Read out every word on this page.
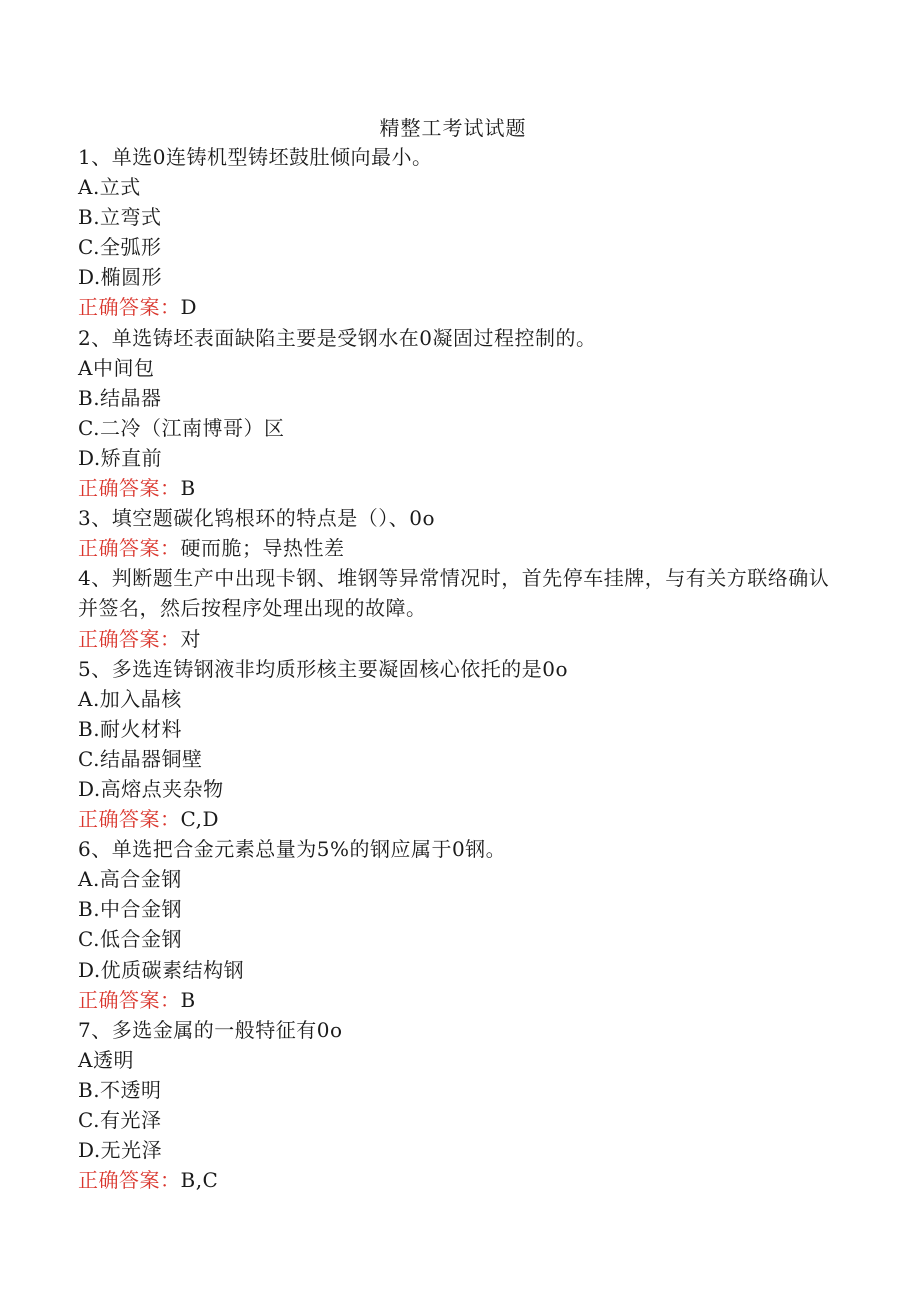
精整工考试试题
1、单选0连铸机型铸坯鼓肚倾向最小。
A.立式
B.立弯式
C.全弧形
D.椭圆形
正确答案：D
2、单选铸坯表面缺陷主要是受钢水在0凝固过程控制的。
A中间包
B.结晶器
C.二冷（江南博哥）区
D.矫直前
正确答案：B
3、填空题碳化鸨根环的特点是（）、0o
正确答案：硬而脆；导热性差
4、判断题生产中出现卡钢、堆钢等异常情况时，首先停车挂牌，与有关方联络确认并签名，然后按程序处理出现的故障。
正确答案：对
5、多选连铸钢液非均质形核主要凝固核心依托的是0o
A.加入晶核
B.耐火材料
C.结晶器铜壁
D.高熔点夹杂物
正确答案：C,D
6、单选把合金元素总量为5%的钢应属于0钢。
A.高合金钢
B.中合金钢
C.低合金钢
D.优质碳素结构钢
正确答案：B
7、多选金属的一般特征有0o
A透明
B.不透明
C.有光泽
D.无光泽
正确答案：B,C
